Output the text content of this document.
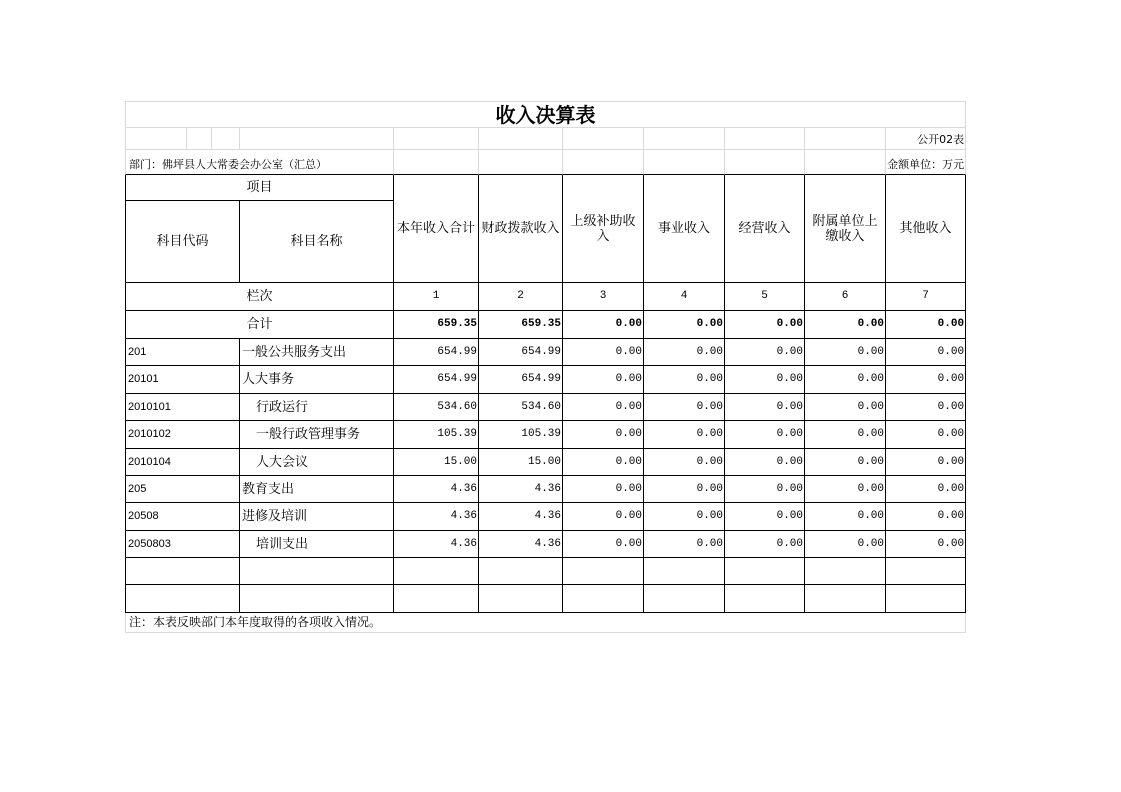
收入决算表										
										公开02表
部门：佛坪县人大常委会办公室（汇总）										金额单位：万元
项目				本年收入合计	财政拨款收入	上级补助收入	事业收入	经营收入	附属单位上缴收入	其他收入
科目代码			科目名称							
栏次				1	2	3	4	5	6	7
合计				659.35	659.35	0.00	0.00	0.00	0.00	0.00
201			一般公共服务支出	654.99	654.99	0.00	0.00	0.00	0.00	0.00
20101			人大事务	654.99	654.99	0.00	0.00	0.00	0.00	0.00
2010101			行政运行	534.60	534.60	0.00	0.00	0.00	0.00	0.00
2010102			一般行政管理事务	105.39	105.39	0.00	0.00	0.00	0.00	0.00
2010104			人大会议	15.00	15.00	0.00	0.00	0.00	0.00	0.00
205			教育支出	4.36	4.36	0.00	0.00	0.00	0.00	0.00
20508			进修及培训	4.36	4.36	0.00	0.00	0.00	0.00	0.00
2050803			培训支出	4.36	4.36	0.00	0.00	0.00	0.00	0.00

注：本表反映部门本年度取得的各项收入情况。										
